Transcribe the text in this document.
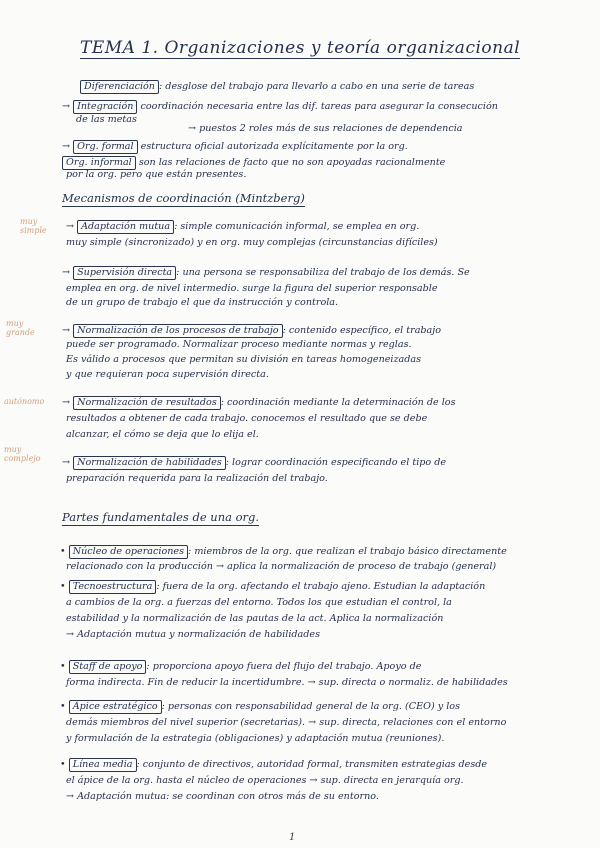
TEMA 1. Organizaciones y teoría organizacional
Diferenciación : desglose del trabajo para llevarlo a cabo en una serie de tareas
→ Integración coordinación necesaria entre las dif. tareas para asegurar la consecución
de las metas
→ puestos 2 roles más de sus relaciones de dependencia
→ Org. formal estructura oficial autorizada explícitamente por la org.
Org. informal son las relaciones de facto que no son apoyadas racionalmente
por la org. pero que están presentes.
Mecanismos de coordinación (Mintzberg)
muy simple
muy grande
autónomo
muy complejo
→ Adaptación mutua : simple comunicación informal, se emplea en org.
muy simple (sincronizado) y en org. muy complejas (circunstancias difíciles)
→ Supervisión directa : una persona se responsabiliza del trabajo de los demás. Se
emplea en org. de nivel intermedio. surge la figura del superior responsable
de un grupo de trabajo el que da instrucción y controla.
→ Normalización de los procesos de trabajo : contenido específico, el trabajo
puede ser programado. Normalizar proceso mediante normas y reglas.
Es válido a procesos que permitan su división en tareas homogeneizadas
y que requieran poca supervisión directa.
→ Normalización de resultados : coordinación mediante la determinación de los
resultados a obtener de cada trabajo. conocemos el resultado que se debe
alcanzar, el cómo se deja que lo elija el.
→ Normalización de habilidades : lograr coordinación especificando el tipo de
preparación requerida para la realización del trabajo.
Partes fundamentales de una org.
• Núcleo de operaciones : miembros de la org. que realizan el trabajo básico directamente
relacionado con la producción → aplica la normalización de proceso de trabajo (general)
• Tecnoestructura : fuera de la org. afectando el trabajo ajeno. Estudian la adaptación
a cambios de la org. a fuerzas del entorno. Todos los que estudian el control, la
estabilidad y la normalización de las pautas de la act. Aplica la normalización
→ Adaptación mutua y normalización de habilidades
• Staff de apoyo : proporciona apoyo fuera del flujo del trabajo. Apoyo de
forma indirecta. Fin de reducir la incertidumbre. → sup. directa o normaliz. de habilidades
• Ápice estratégico : personas con responsabilidad general de la org. (CEO) y los
demás miembros del nivel superior (secretarias). → sup. directa, relaciones con el entorno
y formulación de la estrategia (obligaciones) y adaptación mutua (reuniones).
• Línea media : conjunto de directivos, autoridad formal, transmiten estrategias desde
el ápice de la org. hasta el núcleo de operaciones → sup. directa en jerarquía org.
→ Adaptación mutua: se coordinan con otros más de su entorno.
1
